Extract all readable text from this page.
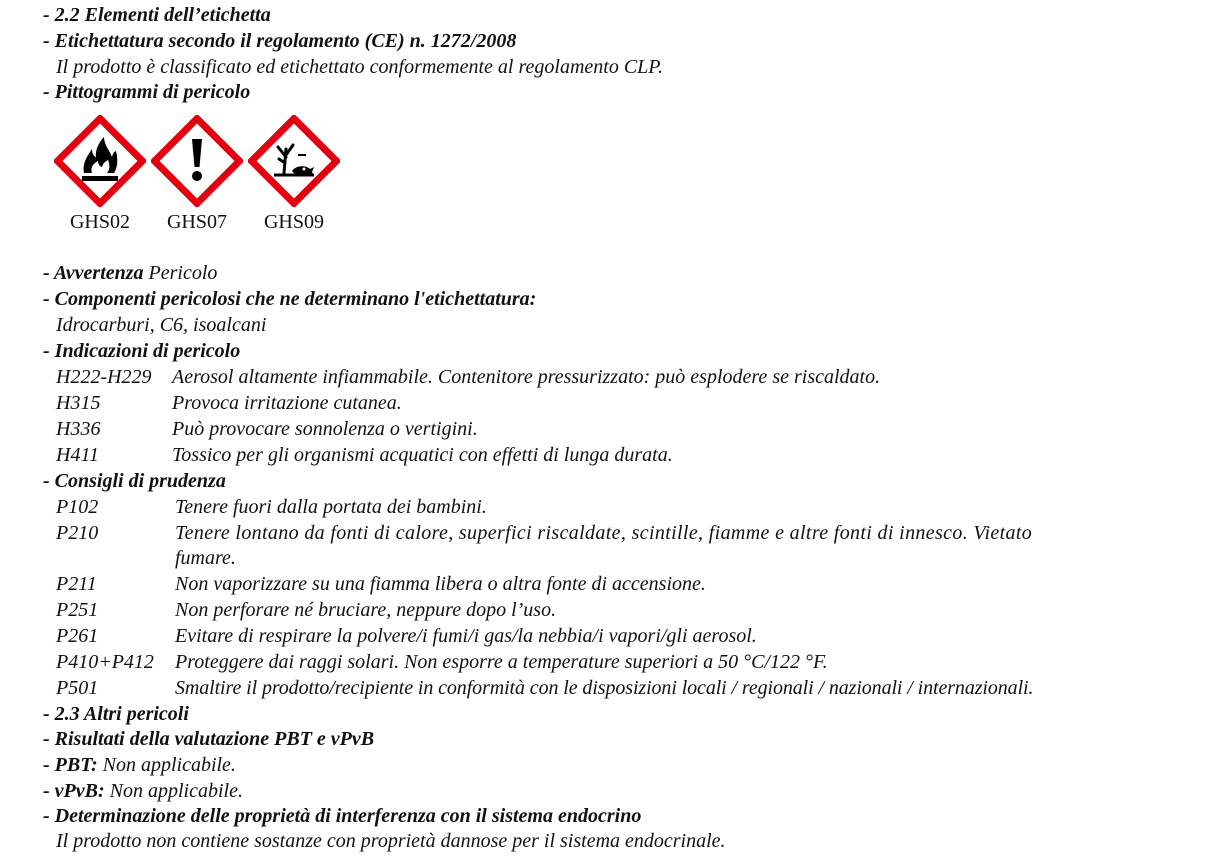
- 2.2 Elementi dell’etichetta
- Etichettatura secondo il regolamento (CE) n. 1272/2008
Il prodotto è classificato ed etichettato conformemente al regolamento CLP.
- Pittogrammi di pericolo
GHS02	GHS07	GHS09
- Avvertenza Pericolo
- Componenti pericolosi che ne determinano l'etichettatura:
Idrocarburi, C6, isoalcani
- Indicazioni di pericolo
H222-H229 Aerosol altamente infiammabile. Contenitore pressurizzato: può esplodere se riscaldato.
H315	Provoca irritazione cutanea.
H336	Può provocare sonnolenza o vertigini.
H411	Tossico per gli organismi acquatici con effetti di lunga durata.
- Consigli di prudenza
P102	Tenere fuori dalla portata dei bambini.
P210	Tenere lontano da fonti di calore, superfici riscaldate, scintille, fiamme e altre fonti di innesco. Vietato
fumare.
P211	Non vaporizzare su una fiamma libera o altra fonte di accensione.
P251	Non perforare né bruciare, neppure dopo l’uso.
P261	Evitare di respirare la polvere/i fumi/i gas/la nebbia/i vapori/gli aerosol.
P410+P412 Proteggere dai raggi solari. Non esporre a temperature superiori a 50 °C/122 °F.
P501	Smaltire il prodotto/recipiente in conformità con le disposizioni locali / regionali / nazionali / internazionali.
- 2.3 Altri pericoli
- Risultati della valutazione PBT e vPvB
- PBT: Non applicabile.
- vPvB: Non applicabile.
- Determinazione delle proprietà di interferenza con il sistema endocrino
Il prodotto non contiene sostanze con proprietà dannose per il sistema endocrinale.
